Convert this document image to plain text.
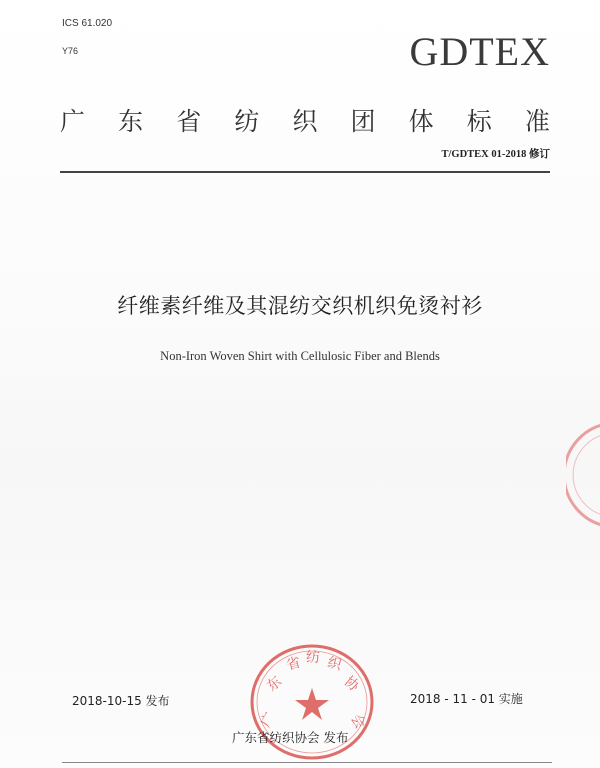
ICS 61.020
Y76	GDTEX
广 东 省 纺 织 团 体 标 准
T/GDTEX 01-2018 修订
纤维素纤维及其混纺交织机织免烫衬衫
Non-Iron Woven Shirt with Cellulosic Fiber and Blends
2018-10-15 发布	2018 - 11 - 01 实施
广
东
省 纺 织
协
会
广东省纺织协会 发布
